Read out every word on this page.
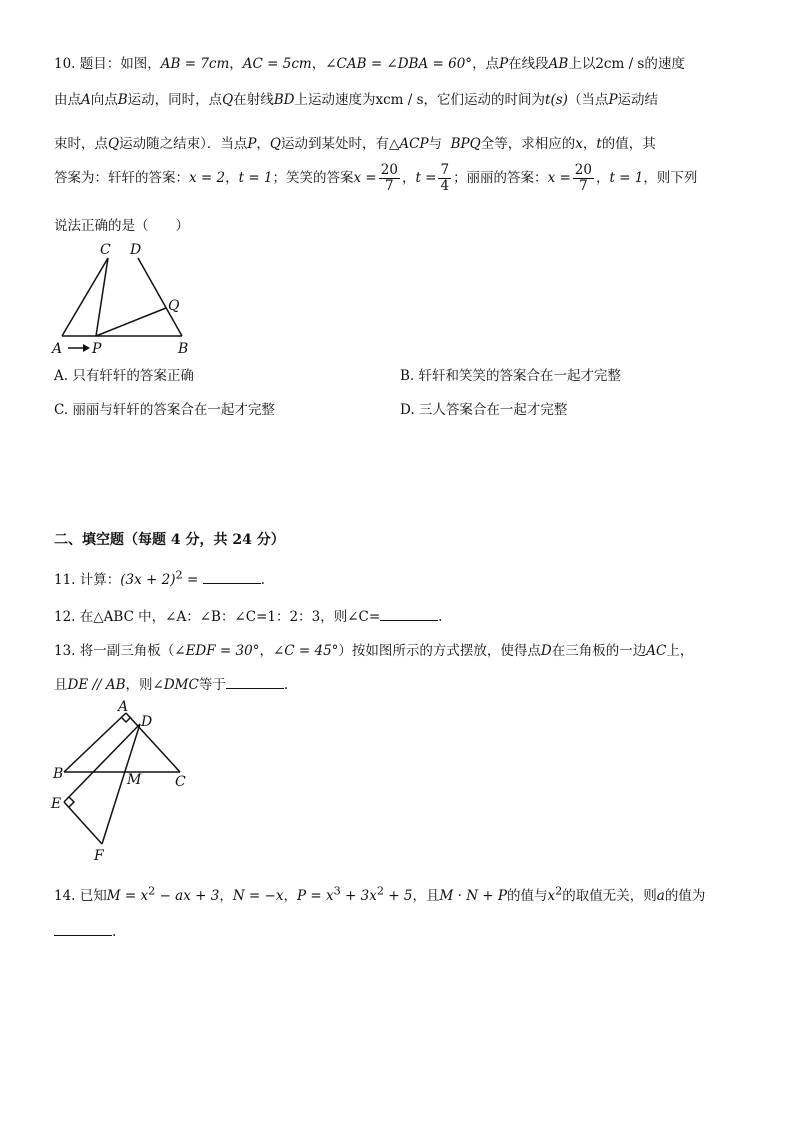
10. 题目：如图，AB = 7cm，AC = 5cm，∠CAB = ∠DBA = 60°，点P在线段AB上以2cm / s的速度
由点A向点B运动，同时，点Q在射线BD上运动速度为xcm / s，它们运动的时间为t(s)（当点P运动结
束时，点Q运动随之结束）．当点P，Q运动到某处时，有△ACP与 BPQ全等，求相应的x，t的值，其
答案为：轩轩的答案：x = 2，t = 1；笑笑的答案$x = \frac{20}{7}$ ，$t = \frac{7}{4}$ ；丽丽的答案：$x = \frac{20}{7}$ ，t = 1，则下列
说法正确的是（　　）
C D
Q
A P	B
A. 只有轩轩的答案正确	B. 轩轩和笑笑的答案合在一起才完整
C. 丽丽与轩轩的答案合在一起才完整	D. 三人答案合在一起才完整
二、填空题（每题 4 分，共 24 分）
11. 计算：$(3x + 2)^2$ =	.
12. 在△ABC 中，∠A：∠B：∠C=1：2：3，则∠C=	.
13. 将一副三角板（∠EDF = 30°，∠C = 45°）按如图所示的方式摆放，使得点D在三角板的一边AC上，
且DE // AB，则∠DMC等于	.
A
D
B	M C
E
F
14. 已知$M = x^2$ − ax + 3，N = −x，$P = x^3 + 3x^2 + 5$，且M · N + P的值与$x^2$的取值无关，则a的值为
.
